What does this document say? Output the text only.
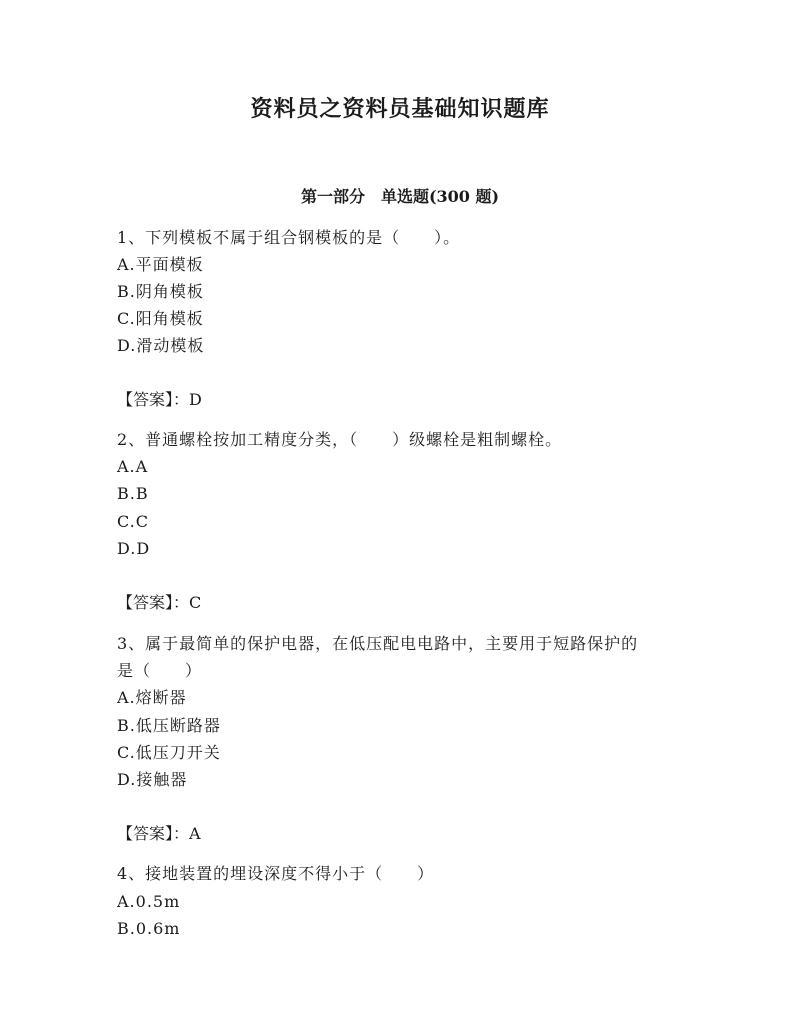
资料员之资料员基础知识题库
第一部分　单选题(300 题)
1、下列模板不属于组合钢模板的是（　　）。
A.平面模板
B.阴角模板
C.阳角模板
D.滑动模板
【答案】：D
2、普通螺栓按加工精度分类，（　　）级螺栓是粗制螺栓。
A.A
B.B
C.C
D.D
【答案】：C
3、属于最简单的保护电器，在低压配电电路中，主要用于短路保护的
是（　　）
A.熔断器
B.低压断路器
C.低压刀开关
D.接触器
【答案】：A
4、接地装置的埋设深度不得小于（　　）
A.0.5m
B.0.6m
